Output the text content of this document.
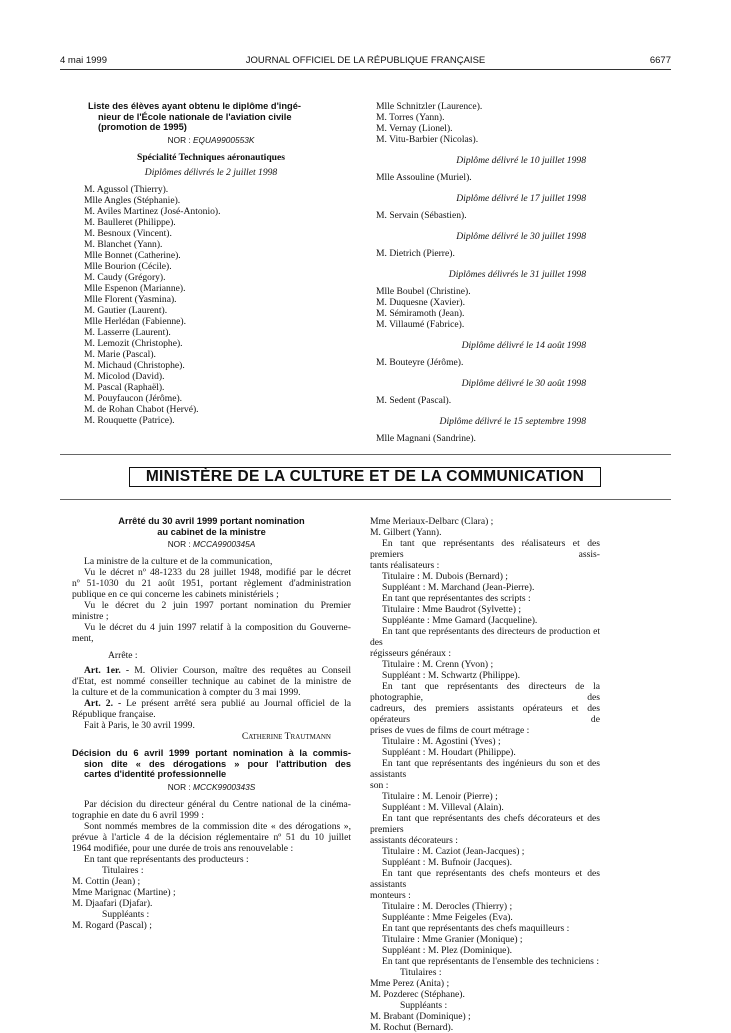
4 mai 1999	JOURNAL OFFICIEL DE LA RÉPUBLIQUE FRANÇAISE	6677
Liste des élèves ayant obtenu le diplôme d'ingé-
nieur de l'École nationale de l'aviation civile
(promotion de 1995)
NOR : EQUA9900553K
Spécialité Techniques aéronautiques
Diplômes délivrés le 2 juillet 1998
M. Agussol (Thierry).
Mlle Angles (Stéphanie).
M. Aviles Martinez (José-Antonio).
M. Baulleret (Philippe).
M. Besnoux (Vincent).
M. Blanchet (Yann).
Mlle Bonnet (Catherine).
Mlle Bourion (Cécile).
M. Caudy (Grégory).
Mlle Espenon (Marianne).
Mlle Florent (Yasmina).
M. Gautier (Laurent).
Mlle Herlédan (Fabienne).
M. Lasserre (Laurent).
M. Lemozit (Christophe).
M. Marie (Pascal).
M. Michaud (Christophe).
M. Micolod (David).
M. Pascal (Raphaël).
M. Pouyfaucon (Jérôme).
M. de Rohan Chabot (Hervé).
M. Rouquette (Patrice).
Mlle Schnitzler (Laurence).
M. Torres (Yann).
M. Vernay (Lionel).
M. Vitu-Barbier (Nicolas).
Diplôme délivré le 10 juillet 1998
Mlle Assouline (Muriel).
Diplôme délivré le 17 juillet 1998
M. Servain (Sébastien).
Diplôme délivré le 30 juillet 1998
M. Dietrich (Pierre).
Diplômes délivrés le 31 juillet 1998
Mlle Boubel (Christine).
M. Duquesne (Xavier).
M. Sémiramoth (Jean).
M. Villaumé (Fabrice).
Diplôme délivré le 14 août 1998
M. Bouteyre (Jérôme).
Diplôme délivré le 30 août 1998
M. Sedent (Pascal).
Diplôme délivré le 15 septembre 1998
Mlle Magnani (Sandrine).
MINISTÈRE DE LA CULTURE ET DE LA COMMUNICATION
Arrêté du 30 avril 1999 portant nomination
au cabinet de la ministre
NOR : MCCA9900345A
La ministre de la culture et de la communication,
Vu le décret nº 48-1233 du 28 juillet 1948, modifié par le décret
nº 51-1030 du 21 août 1951, portant règlement d'administration
publique en ce qui concerne les cabinets ministériels ;
Vu le décret du 2 juin 1997 portant nomination du Premier
ministre ;
Vu le décret du 4 juin 1997 relatif à la composition du Gouverne-
ment,
Arrête :
Art. 1er. - M. Olivier Courson, maître des requêtes au Conseil
d'Etat, est nommé conseiller technique au cabinet de la ministre de
la culture et de la communication à compter du 3 mai 1999.
Art. 2. - Le présent arrêté sera publié au Journal officiel de la
République française.
Fait à Paris, le 30 avril 1999.
Catherine Trautmann
Décision du 6 avril 1999 portant nomination à la commis-
sion dite « des dérogations » pour l'attribution des
cartes d'identité professionnelle
NOR : MCCK9900343S
Par décision du directeur général du Centre national de la cinéma-
tographie en date du 6 avril 1999 :
Sont nommés membres de la commission dite « des dérogations »,
prévue à l'article 4 de la décision réglementaire nº 51 du 10 juillet
1964 modifiée, pour une durée de trois ans renouvelable :
En tant que représentants des producteurs :
Titulaires :
M. Cottin (Jean) ;
Mme Marignac (Martine) ;
M. Djaafari (Djafar).
Suppléants :
M. Rogard (Pascal) ;
Mme Meriaux-Delbarc (Clara) ;
M. Gilbert (Yann).
En tant que représentants des réalisateurs et des premiers assis-
tants réalisateurs :
Titulaire : M. Dubois (Bernard) ;
Suppléant : M. Marchand (Jean-Pierre).
En tant que représentantes des scripts :
Titulaire : Mme Baudrot (Sylvette) ;
Suppléante : Mme Gamard (Jacqueline).
En tant que représentants des directeurs de production et des
régisseurs généraux :
Titulaire : M. Crenn (Yvon) ;
Suppléant : M. Schwartz (Philippe).
En tant que représentants des directeurs de la photographie, des
cadreurs, des premiers assistants opérateurs et des opérateurs de
prises de vues de films de court métrage :
Titulaire : M. Agostini (Yves) ;
Suppléant : M. Houdart (Philippe).
En tant que représentants des ingénieurs du son et des assistants
son :
Titulaire : M. Lenoir (Pierre) ;
Suppléant : M. Villeval (Alain).
En tant que représentants des chefs décorateurs et des premiers
assistants décorateurs :
Titulaire : M. Caziot (Jean-Jacques) ;
Suppléant : M. Bufnoir (Jacques).
En tant que représentants des chefs monteurs et des assistants
monteurs :
Titulaire : M. Derocles (Thierry) ;
Suppléante : Mme Feigeles (Eva).
En tant que représentants des chefs maquilleurs :
Titulaire : Mme Granier (Monique) ;
Suppléant : M. Plez (Dominique).
En tant que représentants de l'ensemble des techniciens :
Titulaires :
Mme Perez (Anita) ;
M. Pozderec (Stéphane).
Suppléants :
M. Brabant (Dominique) ;
M. Rochut (Bernard).
